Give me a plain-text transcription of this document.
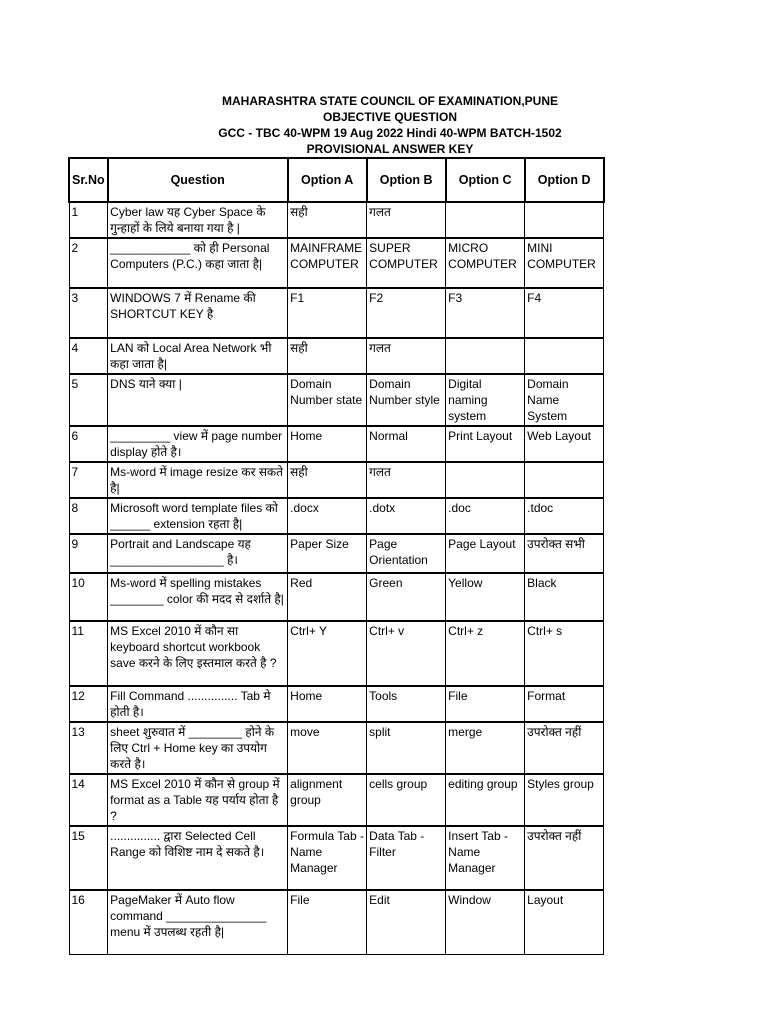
MAHARASHTRA STATE COUNCIL OF EXAMINATION,PUNE
OBJECTIVE QUESTION
GCC - TBC 40-WPM 19 Aug 2022 Hindi 40-WPM BATCH-1502
PROVISIONAL ANSWER KEY
Sr.No	Question	Option A	Option B	Option C	Option D
1	Cyber law यह Cyber Space के गुन्हाहों के लिये बनाया गया है |	सही	गलत		
2	____________ को ही Personal Computers (P.C.) कहा जाता है|	MAINFRAME COMPUTER	SUPER COMPUTER	MICRO COMPUTER	MINI COMPUTER
3	WINDOWS 7 में Rename की SHORTCUT KEY है	F1	F2	F3	F4
4	LAN को Local Area Network भी कहा जाता है|	सही	गलत		
5	DNS याने क्या |	Domain Number state	Domain Number style	Digital naming system	Domain Name System
6	_________ view में page number display होते है।	Home	Normal	Print Layout	Web Layout
7	Ms-word में image resize कर सकते है|	सही	गलत		
8	Microsoft word template files को ______ extension रहता है|	.docx	.dotx	.doc	.tdoc
9	Portrait and Landscape यह _________________ है।	Paper Size	Page Orientation	Page Layout	उपरोक्त सभी
10	Ms-word में spelling mistakes ________ color की मदद से दर्शाते है|	Red	Green	Yellow	Black
11	MS Excel 2010 में कौन सा keyboard shortcut workbook save करने के लिए इस्तमाल करते है ?	Ctrl+ Y	Ctrl+ v	Ctrl+ z	Ctrl+ s
12	Fill Command ............... Tab मे होती है।	Home	Tools	File	Format
13	sheet शुरुवात में ________ होने के लिए Ctrl + Home key का उपयोग करते है।	move	split	merge	उपरोक्त नहीं
14	MS Excel 2010 में कौन से group में format as a Table यह पर्याय होता है ?	alignment group	cells group	editing group	Styles group
15	............... द्वारा Selected Cell Range को विशिष्ट नाम दे सकते है।	Formula Tab - Name Manager	Data Tab - Filter	Insert Tab - Name Manager	उपरोक्त नहीं
16	PageMaker में Auto flow command _______________ menu में उपलब्ध रहती है|	File	Edit	Window	Layout
